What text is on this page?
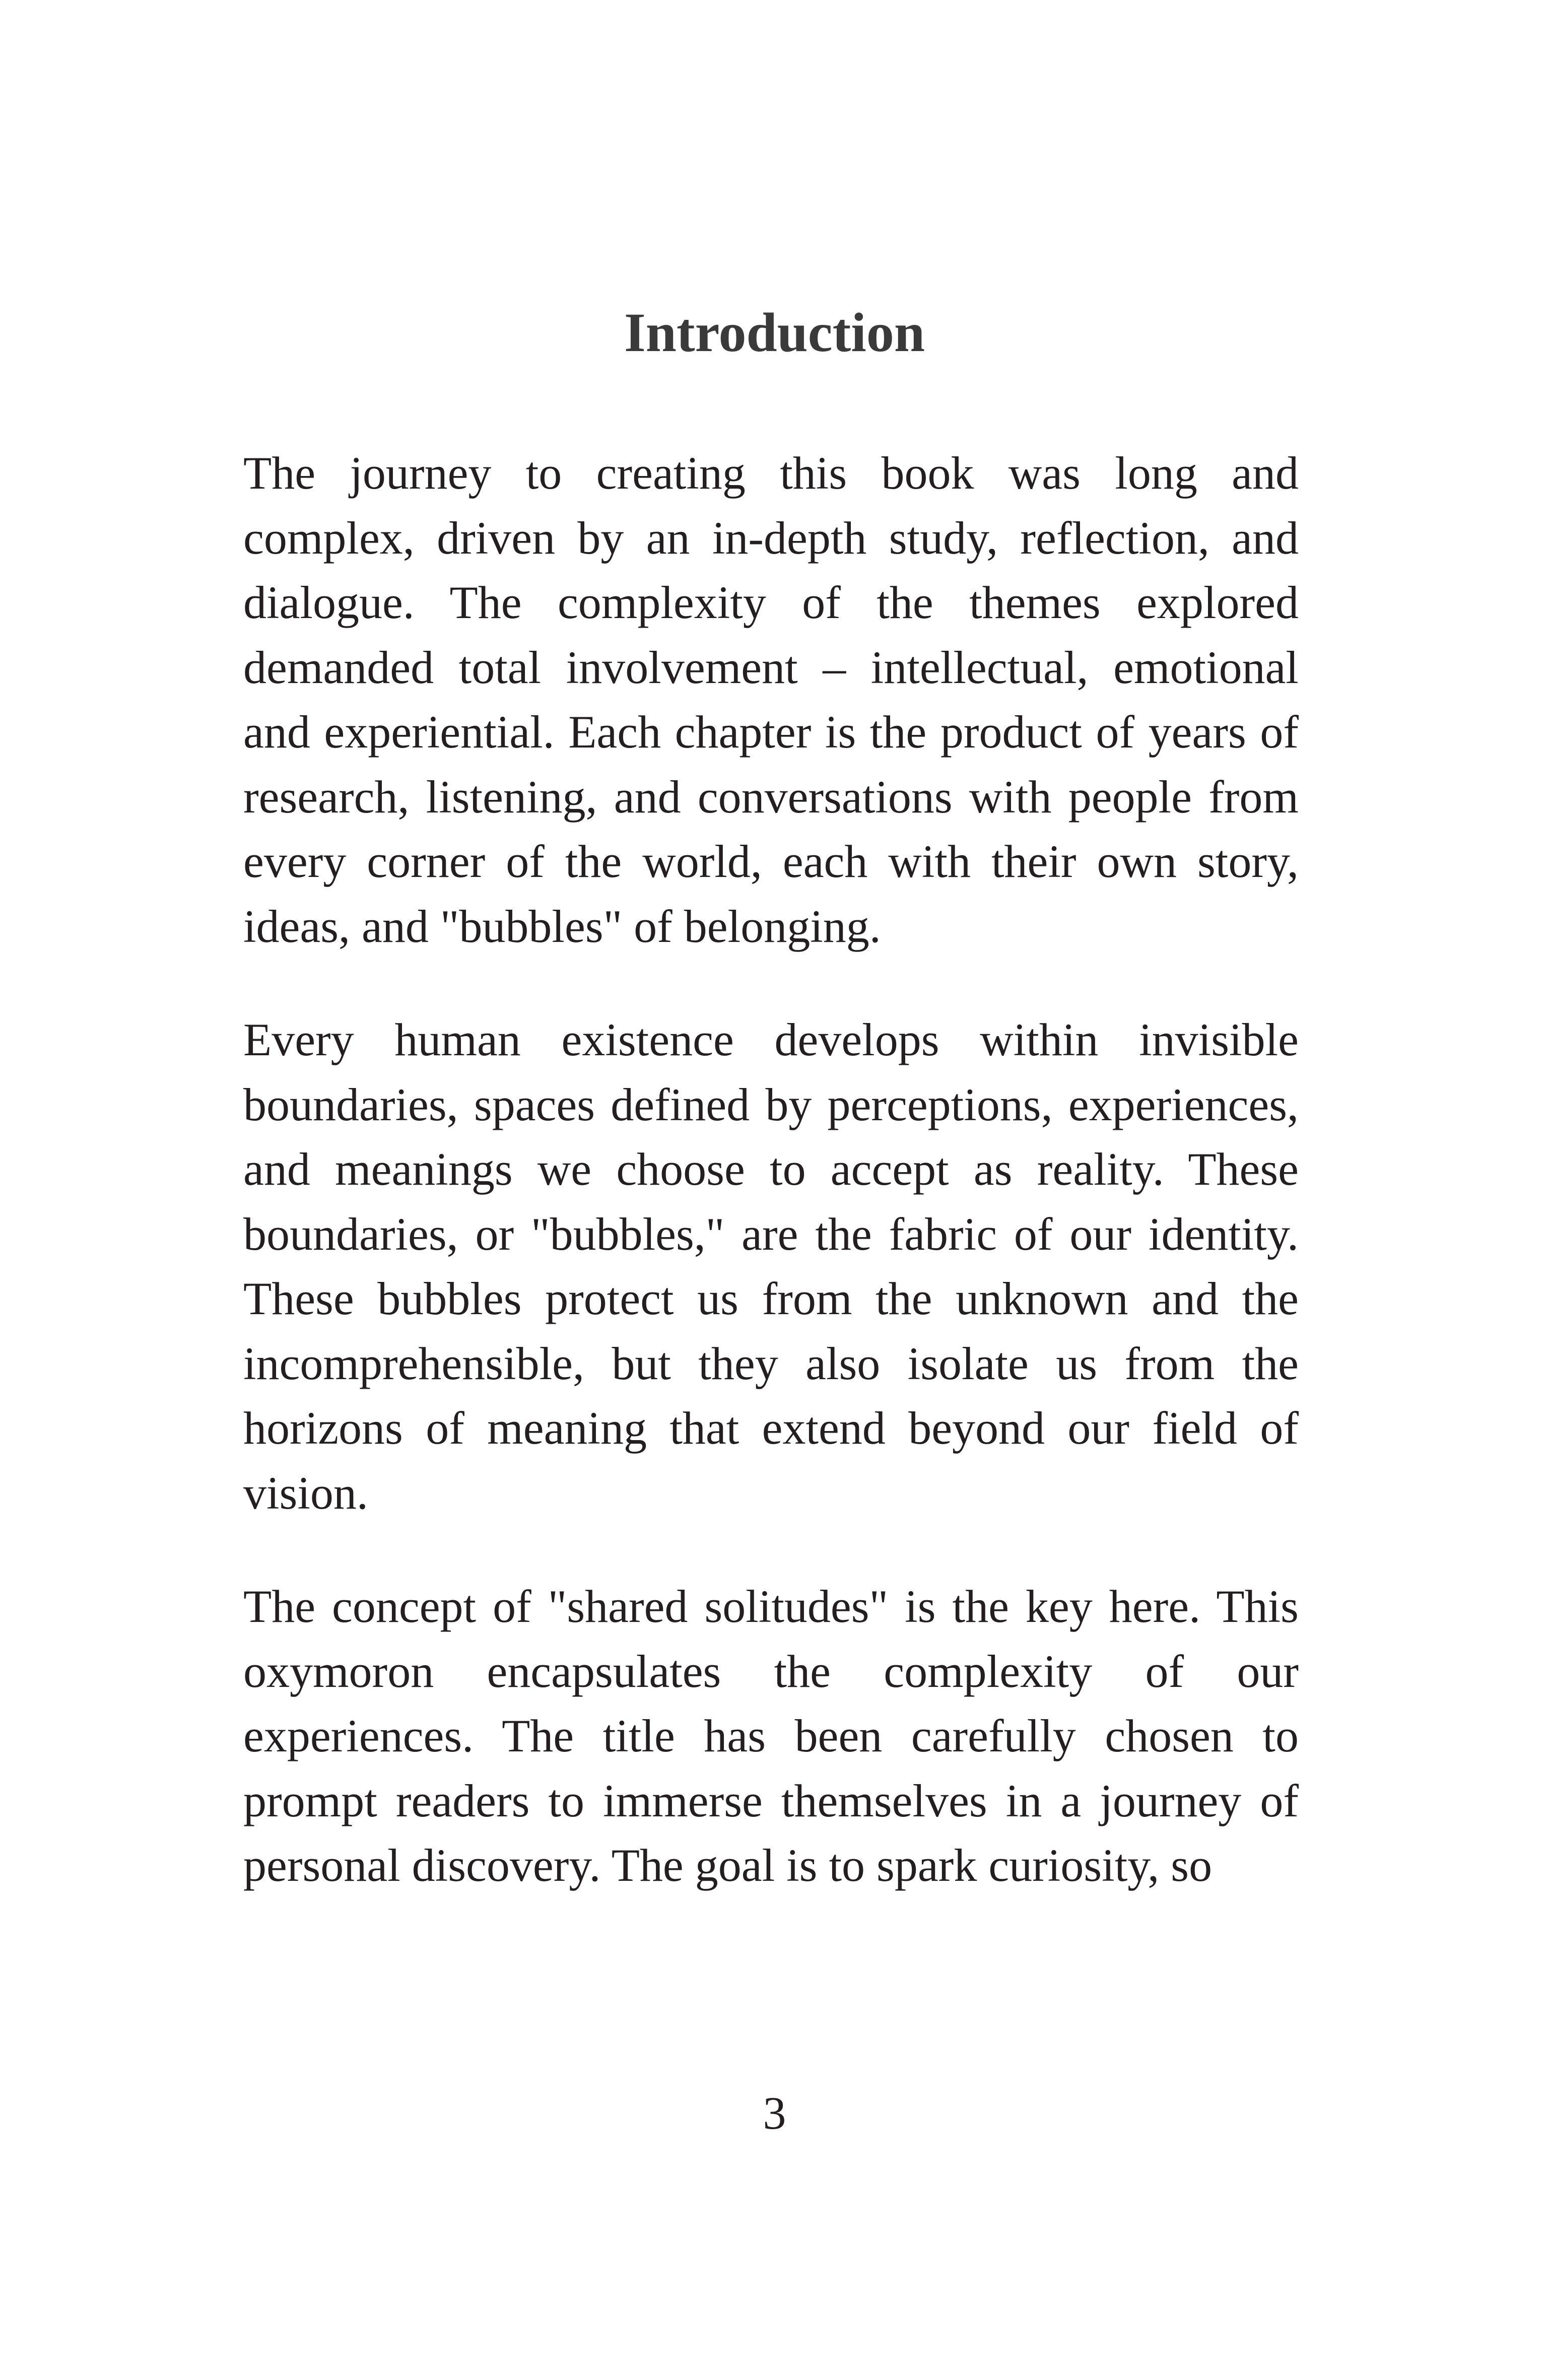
Introduction

The journey to creating this book was long and complex, driven by an in-depth study, reflection, and dialogue. The complexity of the themes explored demanded total involvement – intellectual, emotional and experiential. Each chapter is the product of years of research, listening, and conversations with people from every corner of the world, each with their own story, ideas, and "bubbles" of belonging.

Every human existence develops within invisible boundaries, spaces defined by perceptions, experiences, and meanings we choose to accept as reality. These boundaries, or "bubbles," are the fabric of our identity. These bubbles protect us from the unknown and the incomprehensible, but they also isolate us from the horizons of meaning that extend beyond our field of vision.

The concept of "shared solitudes" is the key here. This oxymoron encapsulates the complexity of our experiences. The title has been carefully chosen to prompt readers to immerse themselves in a journey of personal discovery. The goal is to spark curiosity, so

3
